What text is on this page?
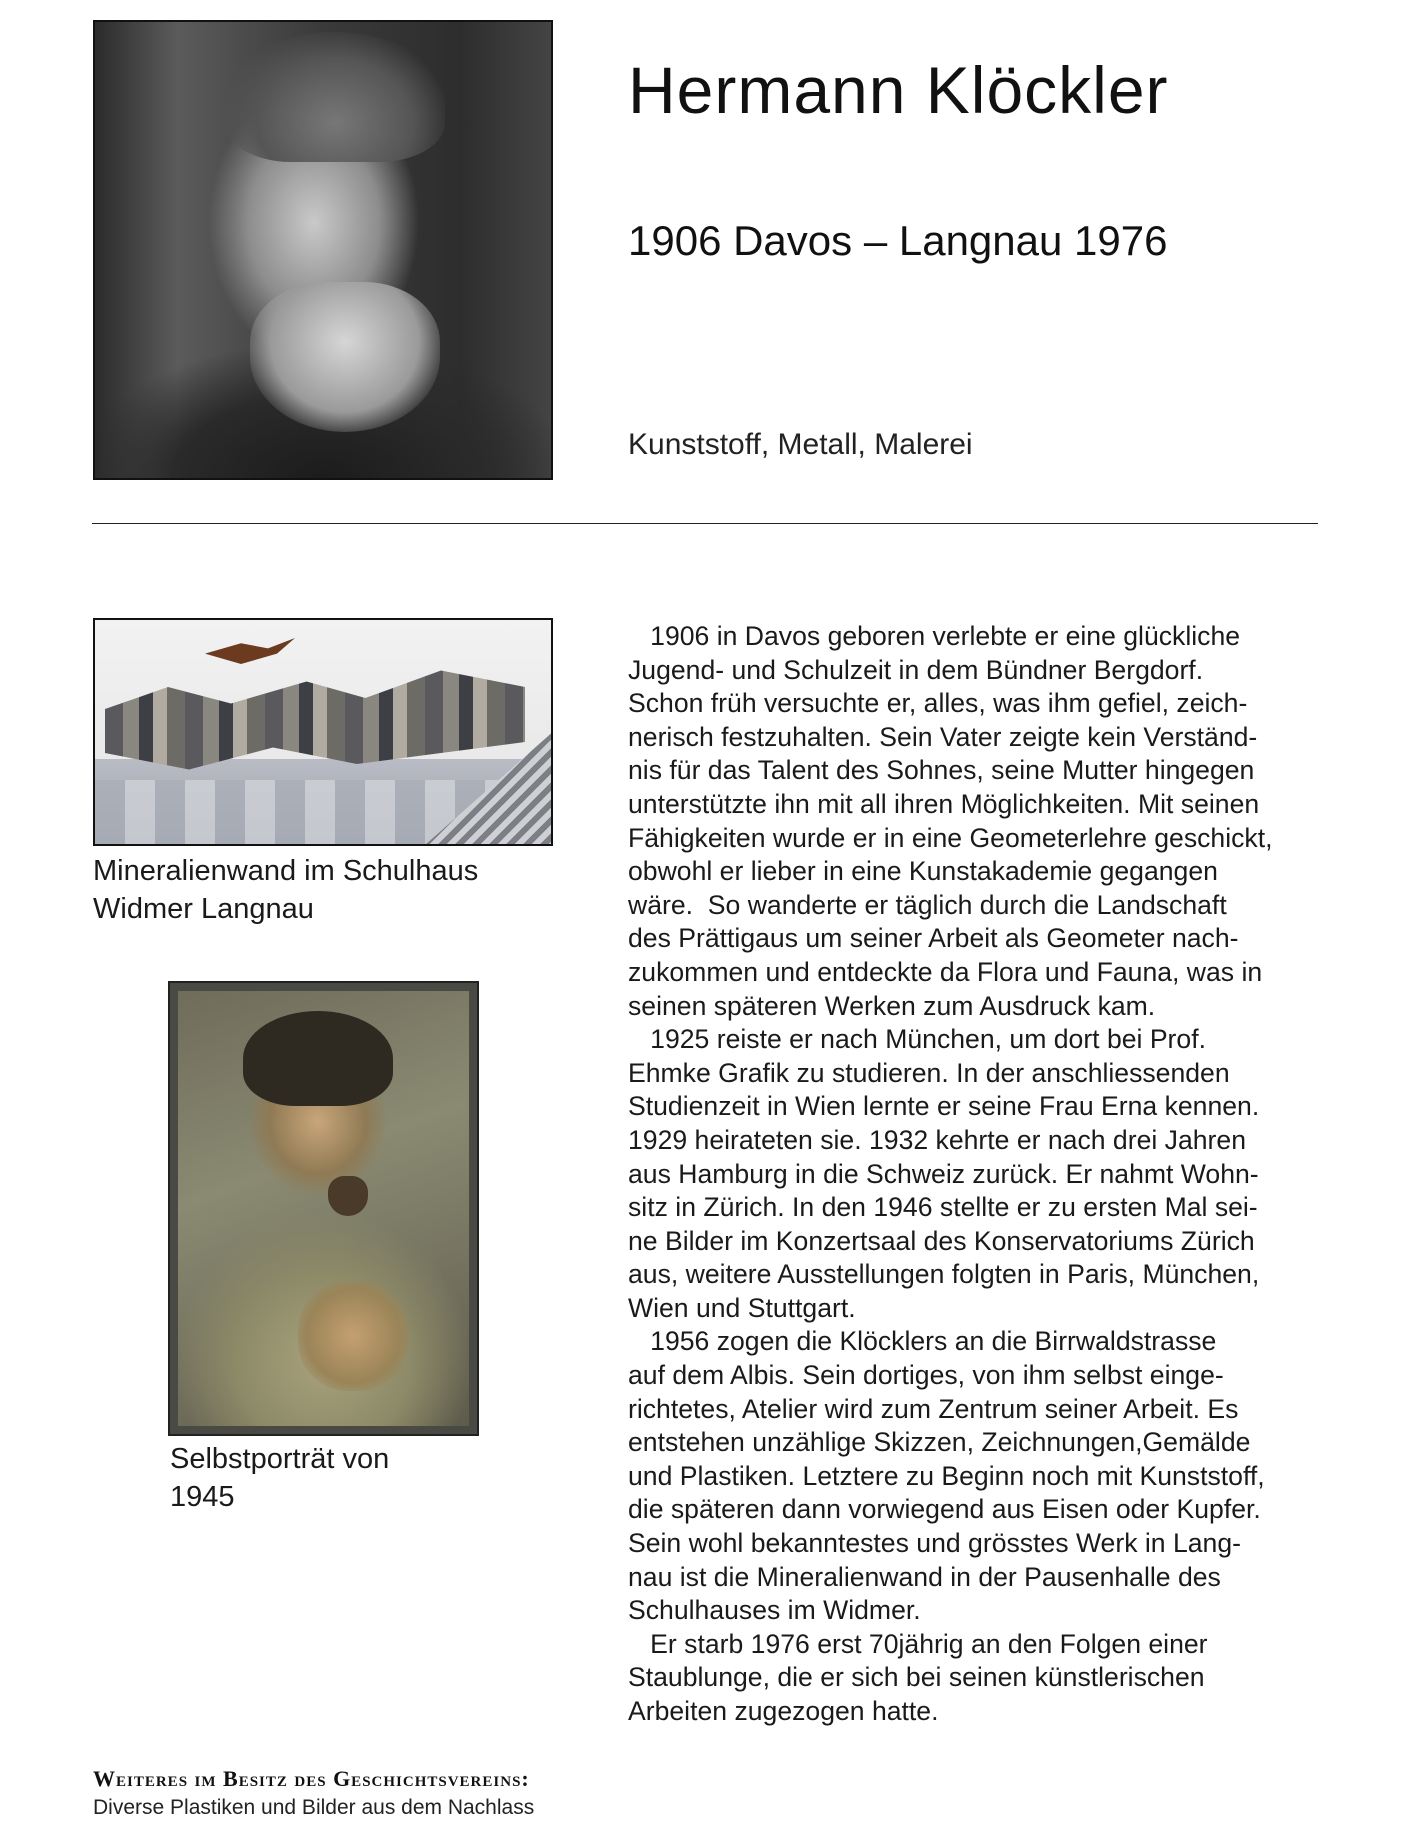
Hermann Klöckler
1906 Davos – Langnau 1976
Kunststoff, Metall, Malerei
Mineralienwand im Schulhaus
Widmer Langnau
Selbstporträt von
1945
1906 in Davos geboren verlebte er eine glückliche
Jugend- und Schulzeit in dem Bündner Bergdorf.
Schon früh versuchte er, alles, was ihm gefiel, zeich-
nerisch festzuhalten. Sein Vater zeigte kein Verständ-
nis für das Talent des Sohnes, seine Mutter hingegen
unterstützte ihn mit all ihren Möglichkeiten. Mit seinen
Fähigkeiten wurde er in eine Geometerlehre geschickt,
obwohl er lieber in eine Kunstakademie gegangen
wäre.  So wanderte er täglich durch die Landschaft
des Prättigaus um seiner Arbeit als Geometer nach-
zukommen und entdeckte da Flora und Fauna, was in
seinen späteren Werken zum Ausdruck kam.
1925 reiste er nach München, um dort bei Prof.
Ehmke Grafik zu studieren. In der anschliessenden
Studienzeit in Wien lernte er seine Frau Erna kennen.
1929 heirateten sie. 1932 kehrte er nach drei Jahren
aus Hamburg in die Schweiz zurück. Er nahmt Wohn-
sitz in Zürich. In den 1946 stellte er zu ersten Mal sei-
ne Bilder im Konzertsaal des Konservatoriums Zürich
aus, weitere Ausstellungen folgten in Paris, München,
Wien und Stuttgart.
1956 zogen die Klöcklers an die Birrwaldstrasse
auf dem Albis. Sein dortiges, von ihm selbst einge-
richtetes, Atelier wird zum Zentrum seiner Arbeit. Es
entstehen unzählige Skizzen, Zeichnungen,Gemälde
und Plastiken. Letztere zu Beginn noch mit Kunststoff,
die späteren dann vorwiegend aus Eisen oder Kupfer.
Sein wohl bekanntestes und grösstes Werk in Lang-
nau ist die Mineralienwand in der Pausenhalle des
Schulhauses im Widmer.
Er starb 1976 erst 70jährig an den Folgen einer
Staublunge, die er sich bei seinen künstlerischen
Arbeiten zugezogen hatte.
Weiteres im Besitz des Geschichtsvereins:
Diverse Plastiken und Bilder aus dem Nachlass
